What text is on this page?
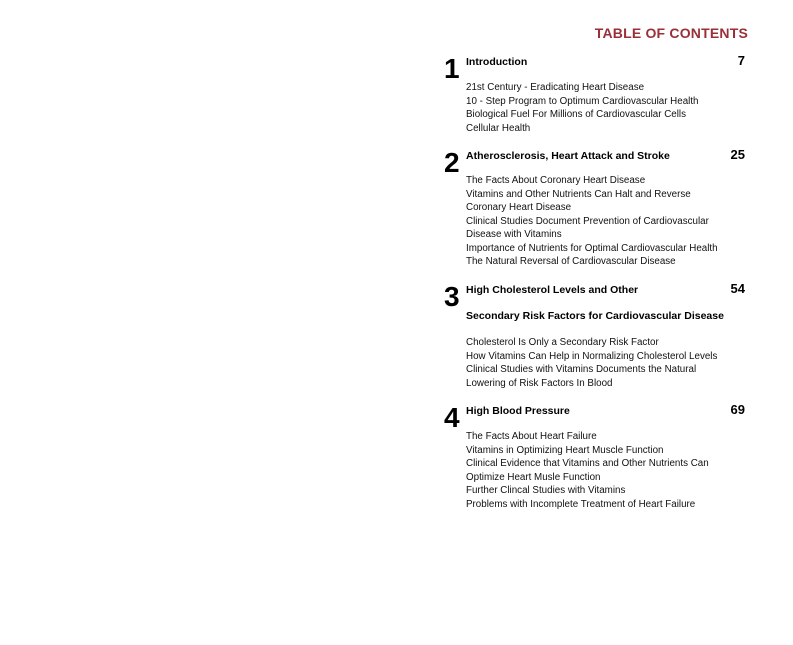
TABLE OF CONTENTS
1 Introduction	7
21st Century - Eradicating Heart Disease
10 - Step Program to Optimum Cardiovascular Health
Biological Fuel For Millions of Cardiovascular Cells
Cellular Health
2 Atherosclerosis, Heart Attack and Stroke	25
The Facts About Coronary Heart Disease
Vitamins and Other Nutrients Can Halt and Reverse
Coronary Heart Disease
Clinical Studies Document Prevention of Cardiovascular
Disease with Vitamins
Importance of Nutrients for Optimal Cardiovascular Health
The Natural Reversal of Cardiovascular Disease
3 High Cholesterol Levels and Other	54
Secondary Risk Factors for Cardiovascular Disease
Cholesterol Is Only a Secondary Risk Factor
How Vitamins Can Help in Normalizing Cholesterol Levels
Clinical Studies with Vitamins Documents the Natural
Lowering of Risk Factors In Blood
4 High Blood Pressure	69
The Facts About Heart Failure
Vitamins in Optimizing Heart Muscle Function
Clinical Evidence that Vitamins and Other Nutrients Can
Optimize Heart Musle Function
Further Clincal Studies with Vitamins
Problems with Incomplete Treatment of Heart Failure
